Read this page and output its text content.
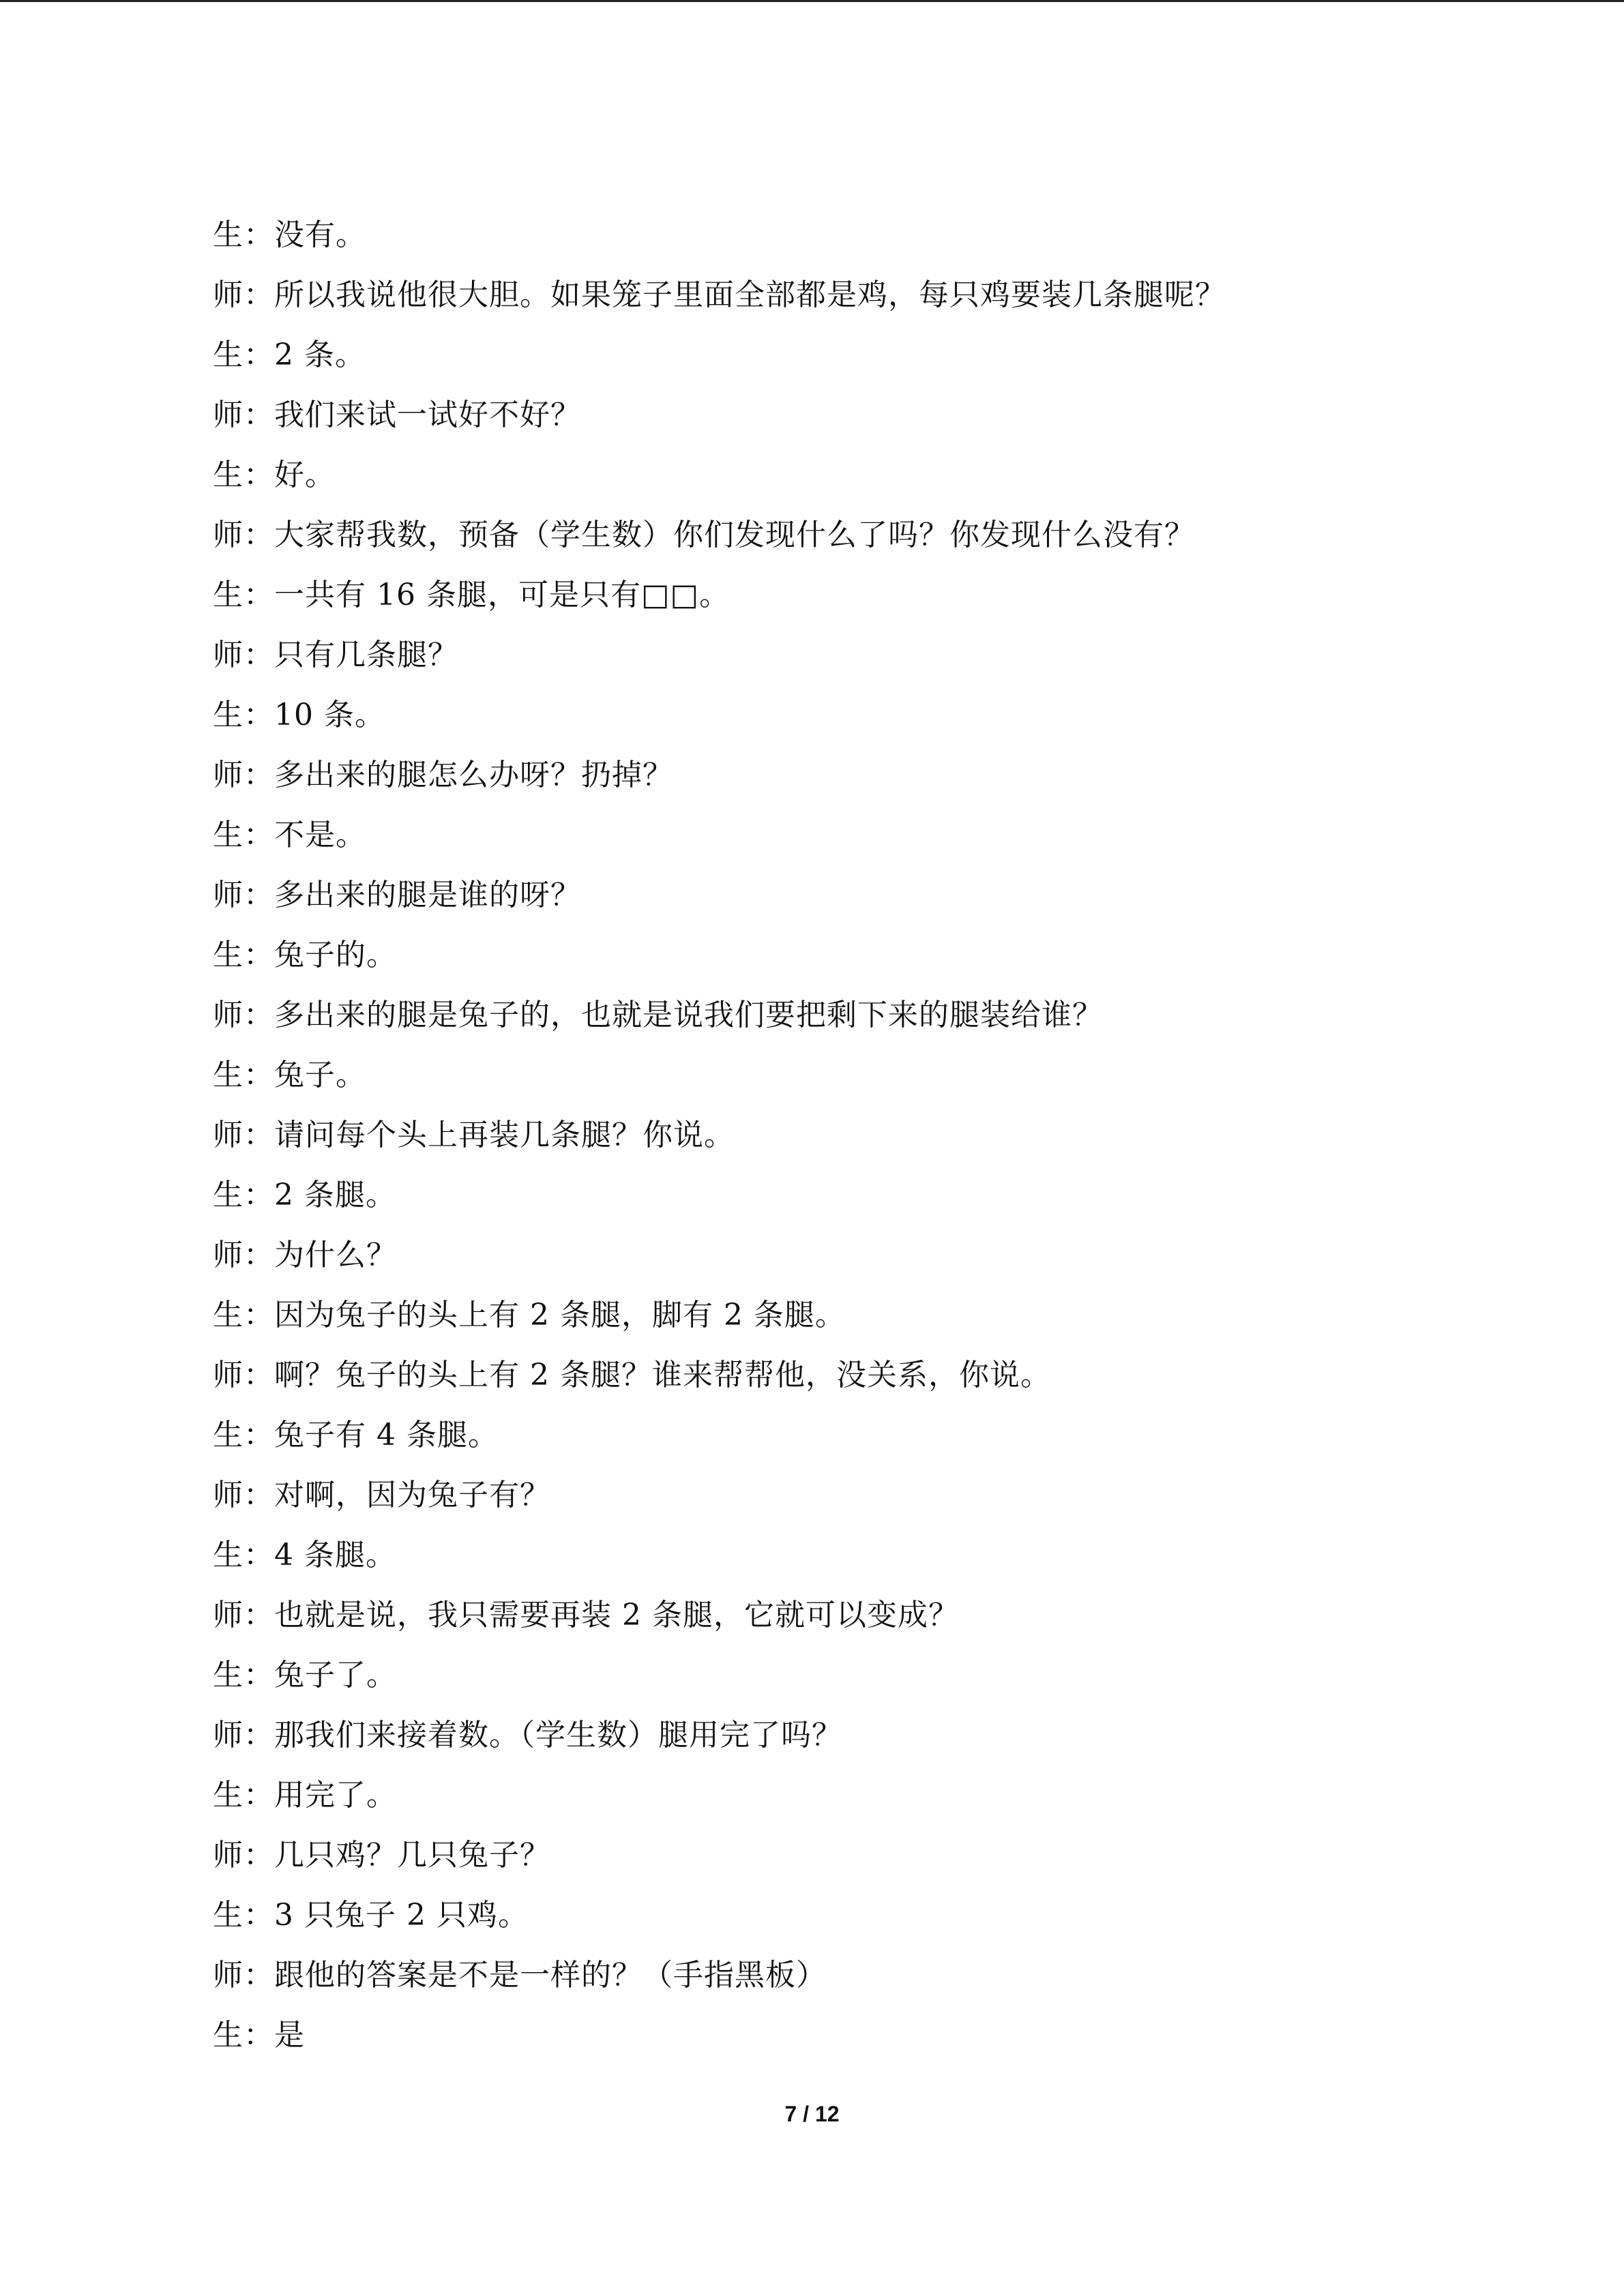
生：没有。
师：所以我说他很大胆。如果笼子里面全部都是鸡，每只鸡要装几条腿呢？
生：2 条。
师：我们来试一试好不好？
生：好。
师：大家帮我数，预备（学生数）你们发现什么了吗？你发现什么没有？
生：一共有 16 条腿，可是只有□□。
师：只有几条腿？
生：10 条。
师：多出来的腿怎么办呀？扔掉？
生：不是。
师：多出来的腿是谁的呀？
生：兔子的。
师：多出来的腿是兔子的，也就是说我们要把剩下来的腿装给谁？
生：兔子。
师：请问每个头上再装几条腿？你说。
生：2 条腿。
师：为什么？
生：因为兔子的头上有 2 条腿，脚有 2 条腿。
师：啊？兔子的头上有 2 条腿？谁来帮帮他，没关系，你说。
生：兔子有 4 条腿。
师：对啊，因为兔子有？
生：4 条腿。
师：也就是说，我只需要再装 2 条腿，它就可以变成？
生：兔子了。
师：那我们来接着数。（学生数）腿用完了吗？
生：用完了。
师：几只鸡？几只兔子？
生：3 只兔子 2 只鸡。
师：跟他的答案是不是一样的？（手指黑板）
生：是
7 / 12
